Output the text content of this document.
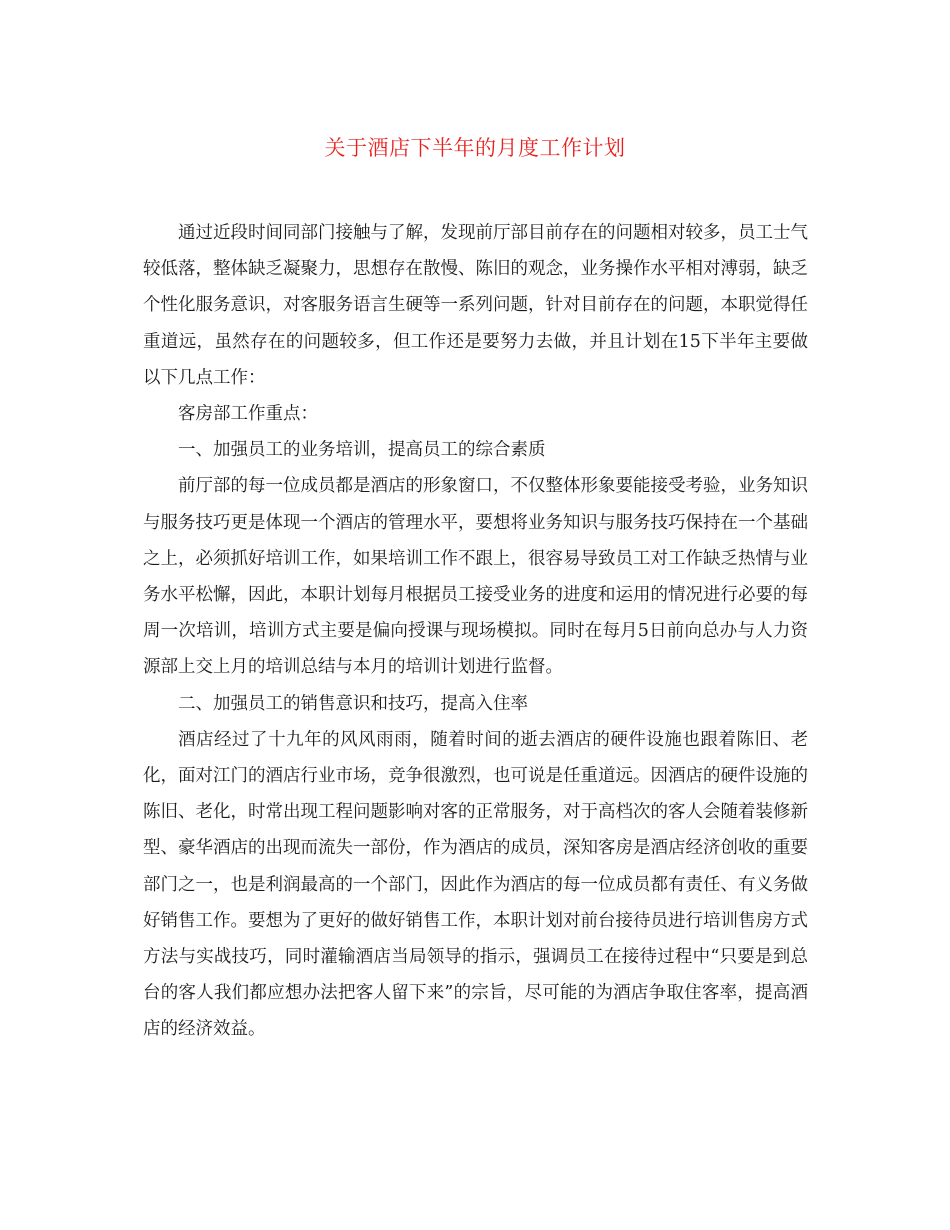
关于酒店下半年的月度工作计划

通过近段时间同部门接触与了解，发现前厅部目前存在的问题相对较多，员工士气较低落，整体缺乏凝聚力，思想存在散慢、陈旧的观念，业务操作水平相对溥弱，缺乏个性化服务意识，对客服务语言生硬等一系列问题，针对目前存在的问题，本职觉得任重道远，虽然存在的问题较多，但工作还是要努力去做，并且计划在15下半年主要做以下几点工作：

客房部工作重点：

一、加强员工的业务培训，提高员工的综合素质

前厅部的每一位成员都是酒店的形象窗口，不仅整体形象要能接受考验，业务知识与服务技巧更是体现一个酒店的管理水平，要想将业务知识与服务技巧保持在一个基础之上，必须抓好培训工作，如果培训工作不跟上，很容易导致员工对工作缺乏热情与业务水平松懈，因此，本职计划每月根据员工接受业务的进度和运用的情况进行必要的每周一次培训，培训方式主要是偏向授课与现场模拟。同时在每月5日前向总办与人力资源部上交上月的培训总结与本月的培训计划进行监督。

二、加强员工的销售意识和技巧，提高入住率

酒店经过了十九年的风风雨雨，随着时间的逝去酒店的硬件设施也跟着陈旧、老化，面对江门的酒店行业市场，竞争很激烈，也可说是任重道远。因酒店的硬件设施的陈旧、老化，时常出现工程问题影响对客的正常服务，对于高档次的客人会随着装修新型、豪华酒店的出现而流失一部份，作为酒店的成员，深知客房是酒店经济创收的重要部门之一，也是利润最高的一个部门，因此作为酒店的每一位成员都有责任、有义务做好销售工作。要想为了更好的做好销售工作，本职计划对前台接待员进行培训售房方式方法与实战技巧，同时灌输酒店当局领导的指示，强调员工在接待过程中“只要是到总台的客人我们都应想办法把客人留下来”的宗旨，尽可能的为酒店争取住客率，提高酒店的经济效益。
